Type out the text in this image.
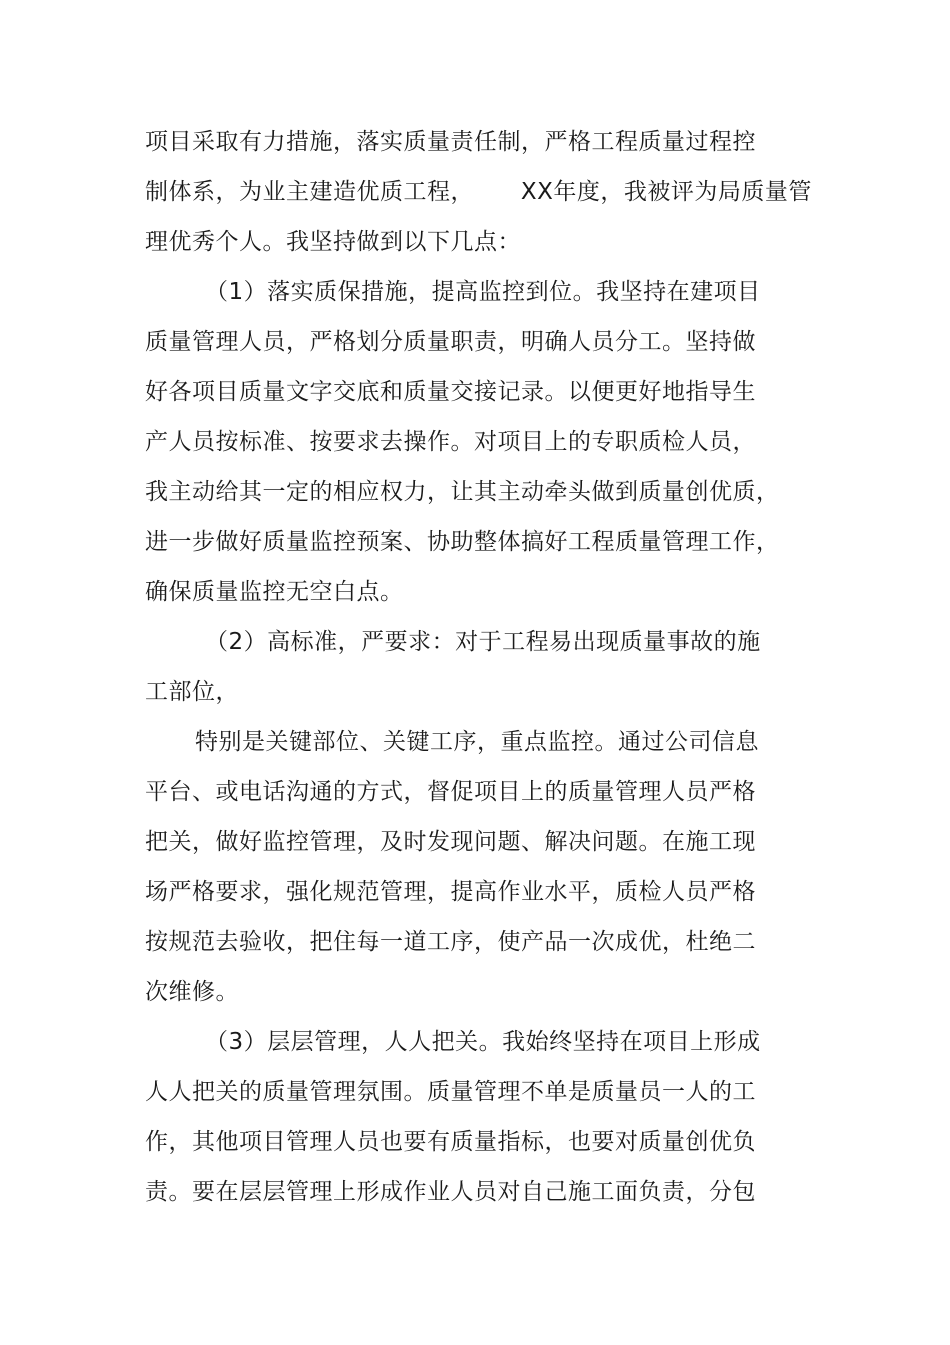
项目采取有力措施，落实质量责任制，严格工程质量过程控
制体系，为业主建造优质工程，      XX年度，我被评为局质量管
理优秀个人。我坚持做到以下几点：
（1）落实质保措施，提高监控到位。我坚持在建项目
质量管理人员，严格划分质量职责，明确人员分工。坚持做
好各项目质量文字交底和质量交接记录。以便更好地指导生
产人员按标准、按要求去操作。对项目上的专职质检人员，
我主动给其一定的相应权力，让其主动牵头做到质量创优质，
进一步做好质量监控预案、协助整体搞好工程质量管理工作，
确保质量监控无空白点。
（2）高标准，严要求：对于工程易出现质量事故的施
工部位，
特别是关键部位、关键工序，重点监控。通过公司信息
平台、或电话沟通的方式，督促项目上的质量管理人员严格
把关，做好监控管理，及时发现问题、解决问题。在施工现
场严格要求，强化规范管理，提高作业水平，质检人员严格
按规范去验收，把住每一道工序，使产品一次成优，杜绝二
次维修。
（3）层层管理，人人把关。我始终坚持在项目上形成
人人把关的质量管理氛围。质量管理不单是质量员一人的工
作，其他项目管理人员也要有质量指标，也要对质量创优负
责。要在层层管理上形成作业人员对自己施工面负责，分包
